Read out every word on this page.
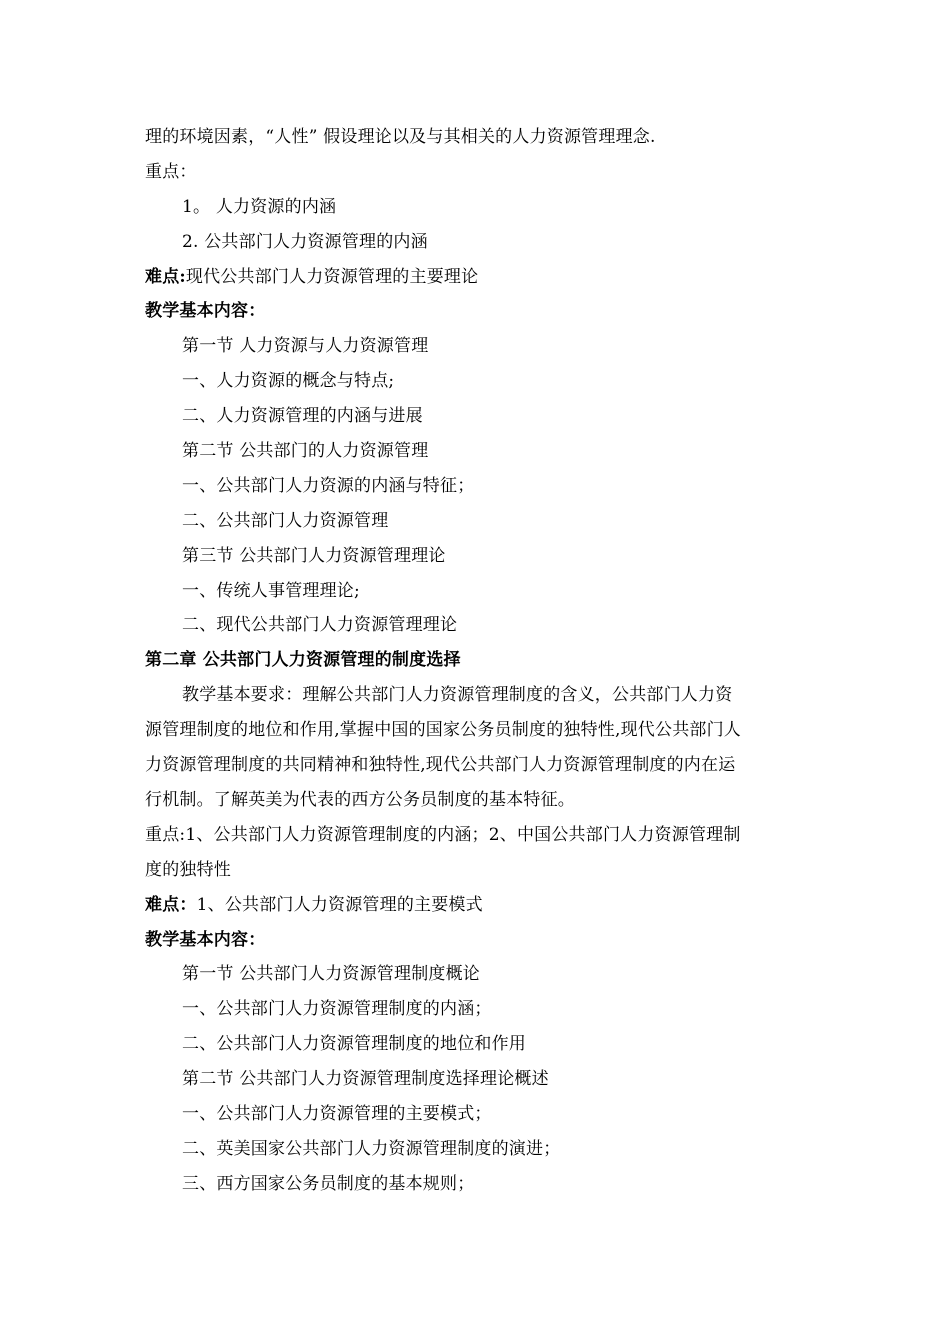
理的环境因素，“人性” 假设理论以及与其相关的人力资源管理理念.
重点：
1。 人力资源的内涵
2. 公共部门人力资源管理的内涵
难点:现代公共部门人力资源管理的主要理论
教学基本内容：
第一节 人力资源与人力资源管理
一、人力资源的概念与特点;
二、人力资源管理的内涵与进展
第二节 公共部门的人力资源管理
一、公共部门人力资源的内涵与特征；
二、公共部门人力资源管理
第三节 公共部门人力资源管理理论
一、传统人事管理理论;
二、现代公共部门人力资源管理理论
第二章 公共部门人力资源管理的制度选择
教学基本要求：理解公共部门人力资源管理制度的含义，公共部门人力资
源管理制度的地位和作用,掌握中国的国家公务员制度的独特性,现代公共部门人
力资源管理制度的共同精神和独特性,现代公共部门人力资源管理制度的内在运
行机制。了解英美为代表的西方公务员制度的基本特征。
重点:1、公共部门人力资源管理制度的内涵；2、中国公共部门人力资源管理制
度的独特性
难点：1、公共部门人力资源管理的主要模式
教学基本内容：
第一节 公共部门人力资源管理制度概论
一、公共部门人力资源管理制度的内涵；
二、公共部门人力资源管理制度的地位和作用
第二节 公共部门人力资源管理制度选择理论概述
一、公共部门人力资源管理的主要模式；
二、英美国家公共部门人力资源管理制度的演进；
三、西方国家公务员制度的基本规则；
